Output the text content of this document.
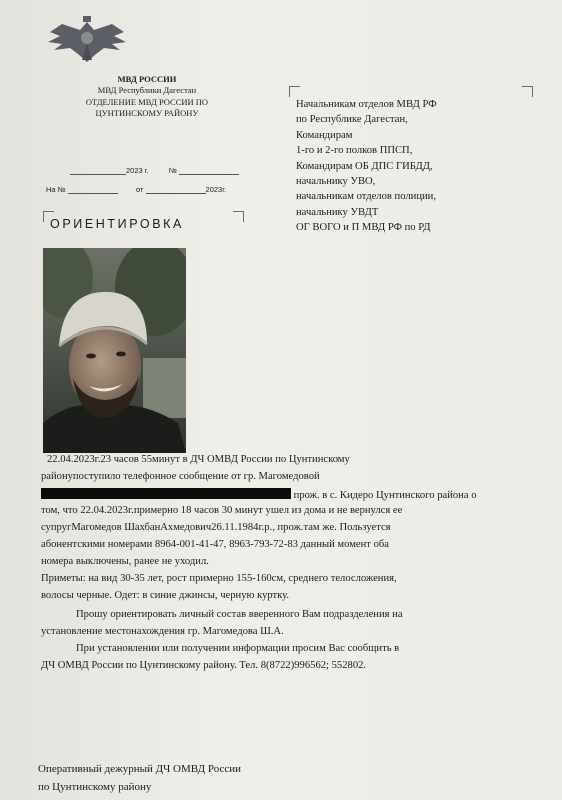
МВД РОССИИ
МВД Республики Дагестан
ОТДЕЛЕНИЕ МВД РОССИИ ПО
ЦУНТИНСКОМУ РАЙОНУ
2023 г.	№
На №	от	2023г.
ОРИЕНТИРОВКА
Начальникам отделов МВД РФ
по Республике Дагестан,
Командирам
1-го и 2-го полков ППСП,
Командирам ОБ ДПС ГИБДД,
начальнику УВО,
начальникам отделов полиции,
начальнику УВДТ
ОГ ВОГО и П МВД РФ по РД
22.04.2023г.23 часов 55минут в ДЧ ОМВД России по Цунтинскому
районупоступило телефонное сообщение от гр. Магомедовой
прож. в с. Кидеро Цунтинского района о
том, что 22.04.2023г.примерно 18 часов 30 минут ушел из дома и не вернулся ее
супругМагомедов ШахбанАхмедович26.11.1984г.р., прож.там же. Пользуется
абонентскими номерами 8964-001-41-47, 8963-793-72-83 данный момент оба
номера выключены, ранее не уходил.
Приметы: на вид 30-35 лет, рост примерно 155-160см, среднего телосложения,
волосы черные. Одет: в синие джинсы, черную куртку.
Прошу ориентировать личный состав вверенного Вам подразделения на
установление местонахождения гр. Магомедова Ш.А.
При установлении или получении информации просим Вас сообщить в
ДЧ ОМВД России по Цунтинскому району. Тел. 8(8722)996562; 552802.
Оперативный дежурный ДЧ ОМВД России
по Цунтинскому району
